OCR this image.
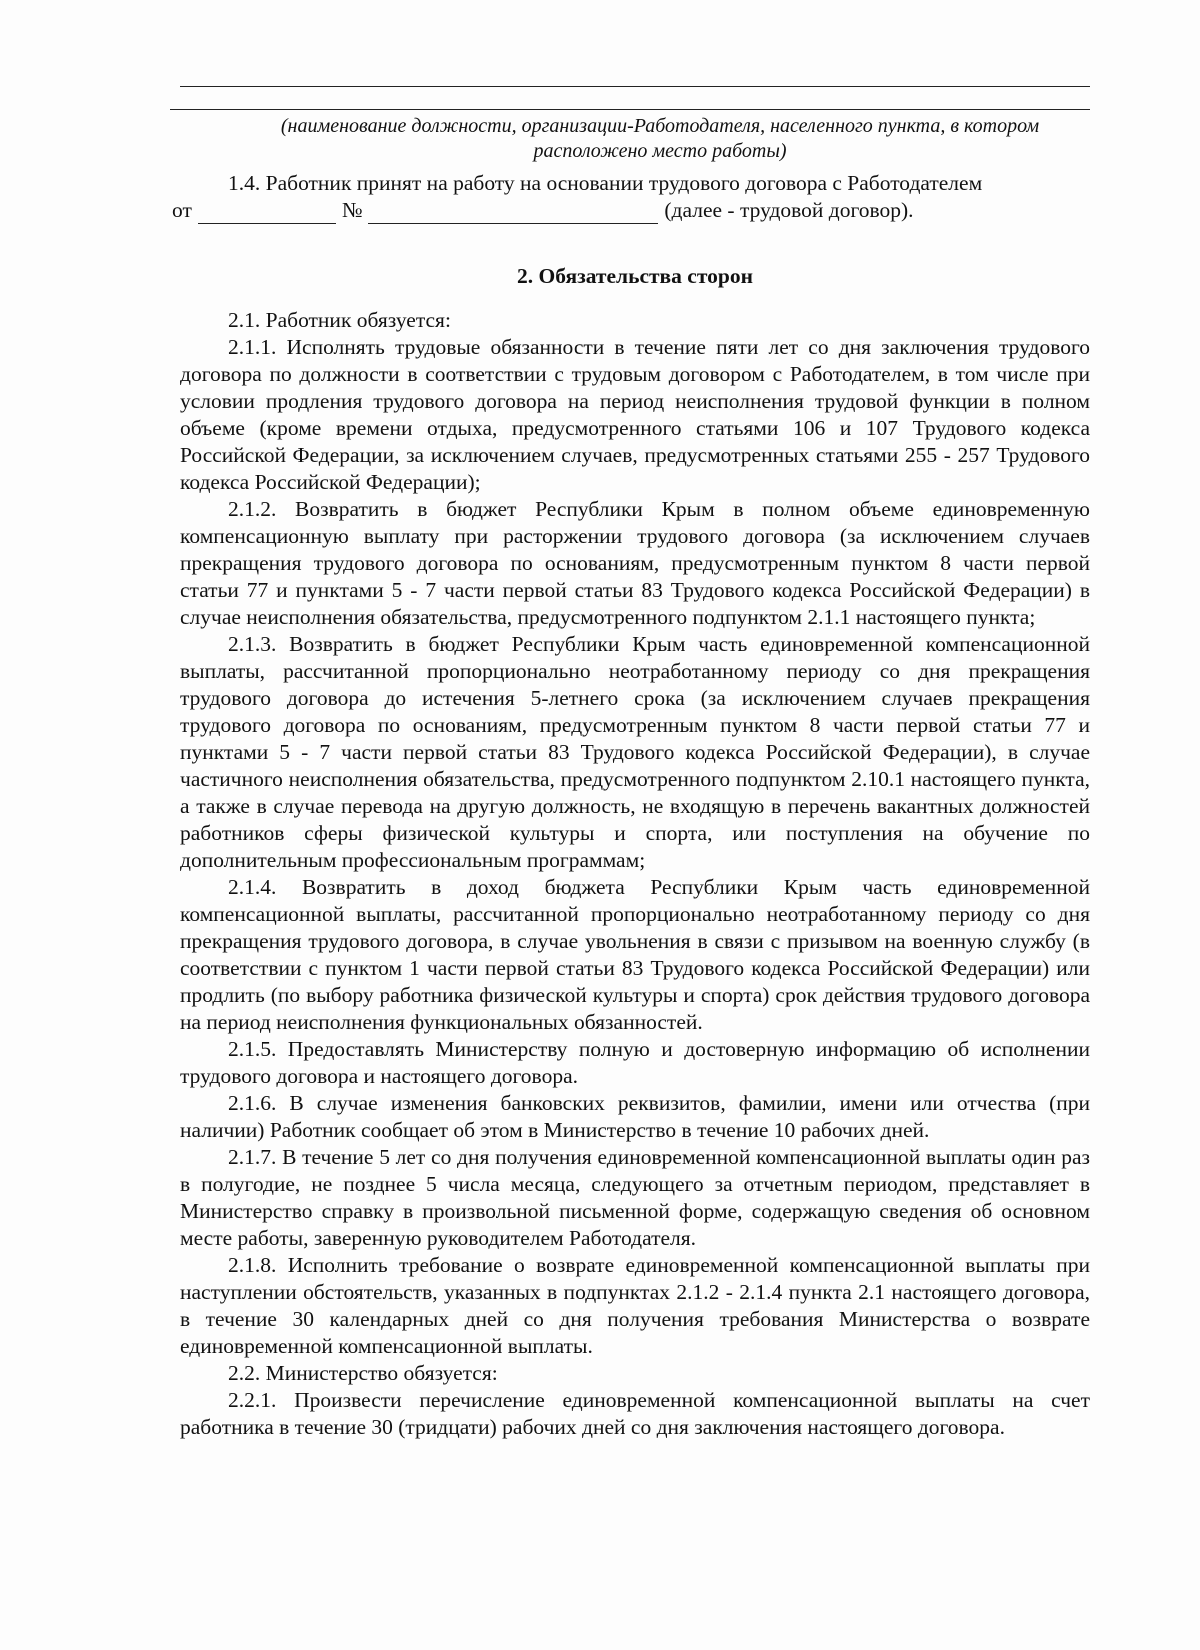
(наименование должности, организации-Работодателя, населенного пункта, в котором расположено место работы)

1.4. Работник принят на работу на основании трудового договора с Работодателем

от	№	(далее - трудовой договор).
2. Обязательства сторон

2.1. Работник обязуется:

2.1.1. Исполнять трудовые обязанности в течение пяти лет со дня заключения трудового договора по должности в соответствии с трудовым договором с Работодателем, в том числе при условии продления трудового договора на период неисполнения трудовой функции в полном объеме (кроме времени отдыха, предусмотренного статьями 106 и 107 Трудового кодекса Российской Федерации, за исключением случаев, предусмотренных статьями 255 - 257 Трудового кодекса Российской Федерации);

2.1.2. Возвратить в бюджет Республики Крым в полном объеме единовременную компенсационную выплату при расторжении трудового договора (за исключением случаев прекращения трудового договора по основаниям, предусмотренным пунктом 8 части первой статьи 77 и пунктами 5 - 7 части первой статьи 83 Трудового кодекса Российской Федерации) в случае неисполнения обязательства, предусмотренного подпунктом 2.1.1 настоящего пункта;

2.1.3. Возвратить в бюджет Республики Крым часть единовременной компенсационной выплаты, рассчитанной пропорционально неотработанному периоду со дня прекращения трудового договора до истечения 5-летнего срока (за исключением случаев прекращения трудового договора по основаниям, предусмотренным пунктом 8 части первой статьи 77 и пунктами 5 - 7 части первой статьи 83 Трудового кодекса Российской Федерации), в случае частичного неисполнения обязательства, предусмотренного подпунктом 2.10.1 настоящего пункта, а также в случае перевода на другую должность, не входящую в перечень вакантных должностей работников сферы физической культуры и спорта, или поступления на обучение по дополнительным профессиональным программам;

2.1.4. Возвратить в доход бюджета Республики Крым часть единовременной компенсационной выплаты, рассчитанной пропорционально неотработанному периоду со дня прекращения трудового договора, в случае увольнения в связи с призывом на военную службу (в соответствии с пунктом 1 части первой статьи 83 Трудового кодекса Российской Федерации) или продлить (по выбору работника физической культуры и спорта) срок действия трудового договора на период неисполнения функциональных обязанностей.

2.1.5. Предоставлять Министерству полную и достоверную информацию об исполнении трудового договора и настоящего договора.

2.1.6. В случае изменения банковских реквизитов, фамилии, имени или отчества (при наличии) Работник сообщает об этом в Министерство в течение 10 рабочих дней.

2.1.7. В течение 5 лет со дня получения единовременной компенсационной выплаты один раз в полугодие, не позднее 5 числа месяца, следующего за отчетным периодом, представляет в Министерство справку в произвольной письменной форме, содержащую сведения об основном месте работы, заверенную руководителем Работодателя.

2.1.8. Исполнить требование о возврате единовременной компенсационной выплаты при наступлении обстоятельств, указанных в подпунктах 2.1.2 - 2.1.4 пункта 2.1 настоящего договора, в течение 30 календарных дней со дня получения требования Министерства о возврате единовременной компенсационной выплаты.

2.2. Министерство обязуется:

2.2.1. Произвести перечисление единовременной компенсационной выплаты на счет работника в течение 30 (тридцати) рабочих дней со дня заключения настоящего договора.
